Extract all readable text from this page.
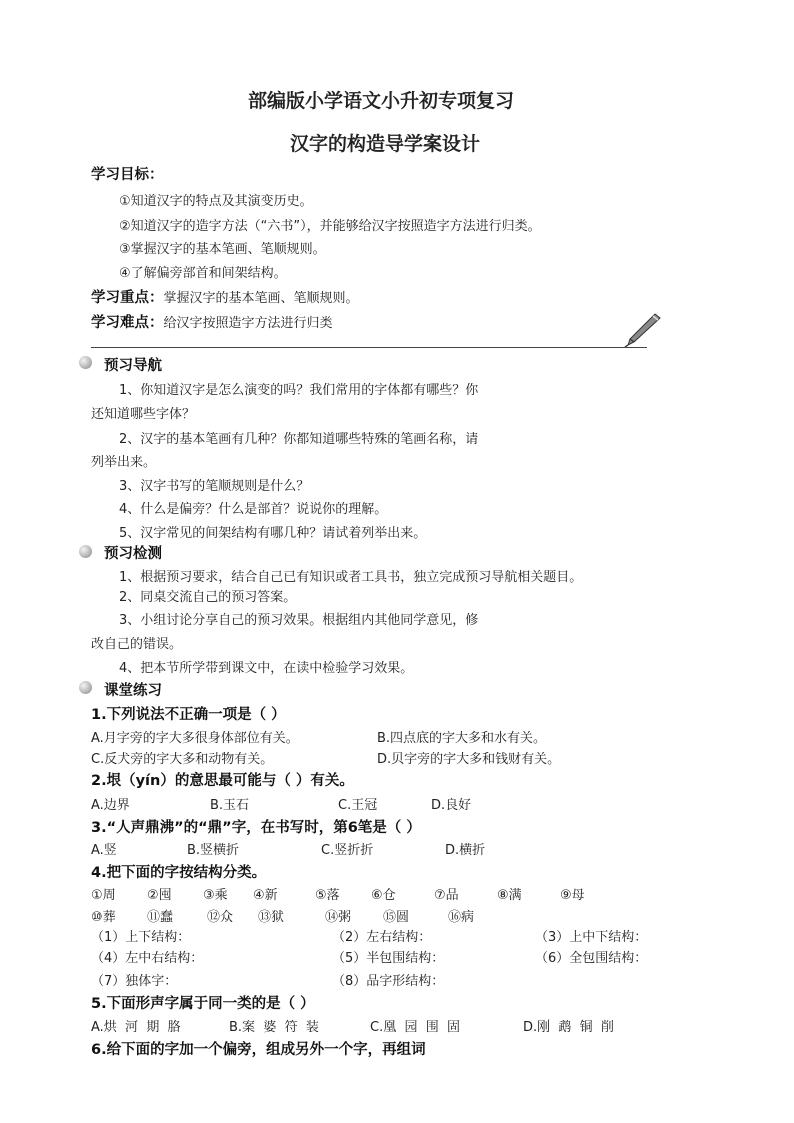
部编版小学语文小升初专项复习
汉字的构造导学案设计
学习目标：
①知道汉字的特点及其演变历史。
②知道汉字的造字方法（“六书”），并能够给汉字按照造字方法进行归类。
③掌握汉字的基本笔画、笔顺规则。
④了解偏旁部首和间架结构。
学习重点：掌握汉字的基本笔画、笔顺规则。
学习难点：给汉字按照造字方法进行归类
预习导航
1、你知道汉字是怎么演变的吗？我们常用的字体都有哪些？你
还知道哪些字体？
2、汉字的基本笔画有几种？你都知道哪些特殊的笔画名称，请
列举出来。
3、汉字书写的笔顺规则是什么？
4、什么是偏旁？什么是部首？说说你的理解。
5、汉字常见的间架结构有哪几种？请试着列举出来。
预习检测
1、根据预习要求，结合自己已有知识或者工具书，独立完成预习导航相关题目。
2、同桌交流自己的预习答案。
3、小组讨论分享自己的预习效果。根据组内其他同学意见，修
改自己的错误。
4、把本节所学带到课文中，在读中检验学习效果。
课堂练习
1.下列说法不正确一项是（ ）
A.月字旁的字大多很身体部位有关。	B.四点底的字大多和水有关。
C.反犬旁的字大多和动物有关。	D.贝字旁的字大多和钱财有关。
2.垠（yín）的意思最可能与（ ）有关。
A.边界	B.玉石	C.王冠	D.良好
3.“人声鼎沸”的“鼎”字，在书写时，第6笔是（ ）
A.竖	B.竖横折	C.竖折折	D.横折
4.把下面的字按结构分类。
①周 ②囤 ③乘 ④新	⑤落 ⑥仓	⑦品	⑧满	⑨母
⑩葬 ⑪蠢	⑫众 ⑬狱	⑭粥 ⑮圆	⑯病
（1）上下结构：	（2）左右结构：	（3）上中下结构：
（4）左中右结构：	（5）半包围结构：	（6）全包围结构：
（7）独体字：	（8）品字形结构：
5.下面形声字属于同一类的是（ ）
A.烘  河  期  胳	B.案  婆  符  装	C.凰  园  围  固	D.刚  鹉  铜  削
6.给下面的字加一个偏旁，组成另外一个字，再组词
